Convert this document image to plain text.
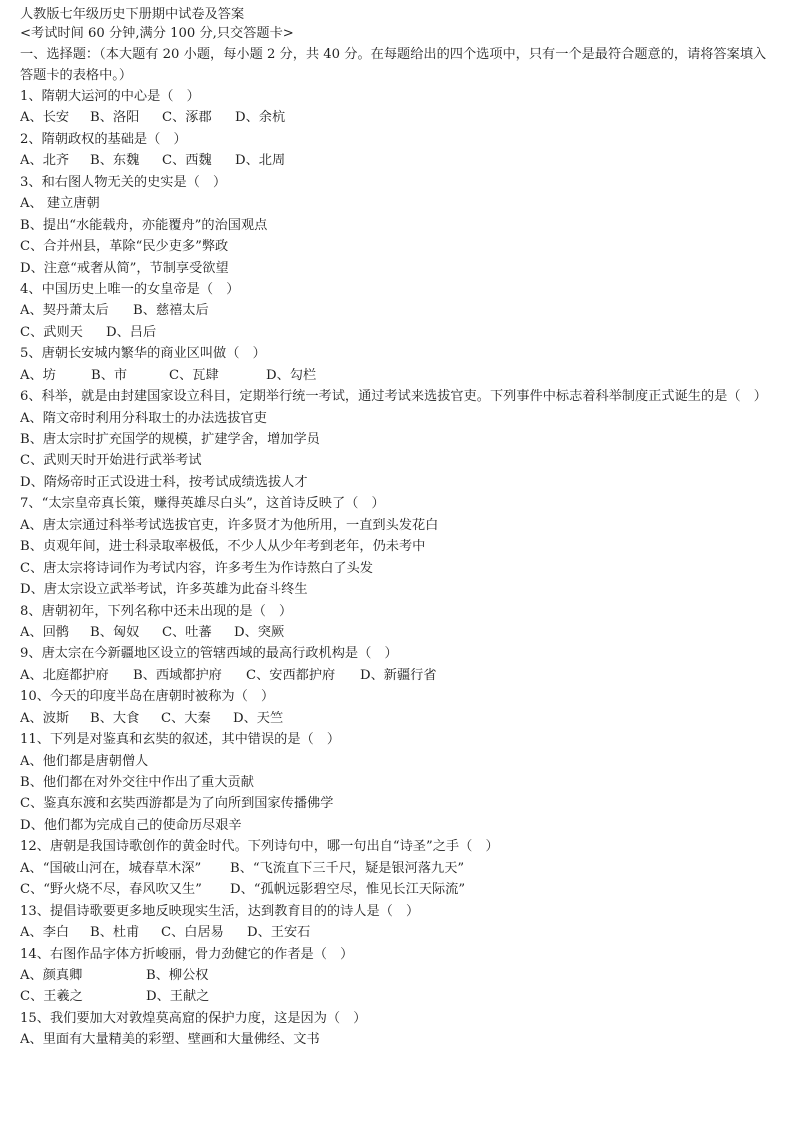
人教版七年级历史下册期中试卷及答案
<考试时间 60 分钟,满分 100 分,只交答题卡>
一、选择题：（本大题有 20 小题，每小题 2 分，共 40 分。在每题给出的四个选项中，只有一个是最符合题意的，请将答案填入答题卡的表格中。）
1、隋朝大运河的中心是（　）
A、长安	B、洛阳	C、涿郡	D、余杭
2、隋朝政权的基础是（　）
A、北齐	B、东魏	C、西魏	D、北周
3、和右图人物无关的史实是（　）
A、 建立唐朝
B、提出“水能载舟，亦能覆舟”的治国观点
C、合并州县，革除“民少吏多”弊政
D、注意“戒奢从简”，节制享受欲望
4、中国历史上唯一的女皇帝是（　）
A、契丹萧太后	B、慈禧太后
C、武则天	D、吕后
5、唐朝长安城内繁华的商业区叫做（　）
A、坊	B、市	C、瓦肆	D、勾栏
6、科举，就是由封建国家设立科目，定期举行统一考试，通过考试来选拔官吏。下列事件中标志着科举制度正式诞生的是（　）
A、隋文帝时利用分科取士的办法选拔官吏
B、唐太宗时扩充国学的规模，扩建学舍，增加学员
C、武则天时开始进行武举考试
D、隋炀帝时正式设进士科，按考试成绩选拔人才
7、“太宗皇帝真长策，赚得英雄尽白头”，这首诗反映了（　）
A、唐太宗通过科举考试选拔官吏，许多贤才为他所用，一直到头发花白
B、贞观年间，进士科录取率极低，不少人从少年考到老年，仍未考中
C、唐太宗将诗词作为考试内容，许多考生为作诗熬白了头发
D、唐太宗设立武举考试，许多英雄为此奋斗终生
8、唐朝初年，下列名称中还未出现的是（　）
A、回鹘	B、匈奴	C、吐蕃	D、突厥
9、唐太宗在今新疆地区设立的管辖西域的最高行政机构是（　）
A、北庭都护府	B、西域都护府	C、安西都护府	D、新疆行省
10、今天的印度半岛在唐朝时被称为（　）
A、波斯	B、大食	C、大秦	D、天竺
11、下列是对鉴真和玄奘的叙述，其中错误的是（　）
A、他们都是唐朝僧人
B、他们都在对外交往中作出了重大贡献
C、鉴真东渡和玄奘西游都是为了向所到国家传播佛学
D、他们都为完成自己的使命历尽艰辛
12、唐朝是我国诗歌创作的黄金时代。下列诗句中，哪一句出自“诗圣”之手（　）
A、“国破山河在，城春草木深”	B、“飞流直下三千尺，疑是银河落九天”
C、“野火烧不尽，春风吹又生”	D、“孤帆远影碧空尽，惟见长江天际流”
13、提倡诗歌要更多地反映现实生活，达到教育目的的诗人是（　）
A、李白	B、杜甫	C、白居易	D、王安石
14、右图作品字体方折峻丽，骨力劲健它的作者是（　）
A、颜真卿	B、柳公权
C、王羲之	D、王献之
15、我们要加大对敦煌莫高窟的保护力度，这是因为（　）
A、里面有大量精美的彩塑、壁画和大量佛经、文书
